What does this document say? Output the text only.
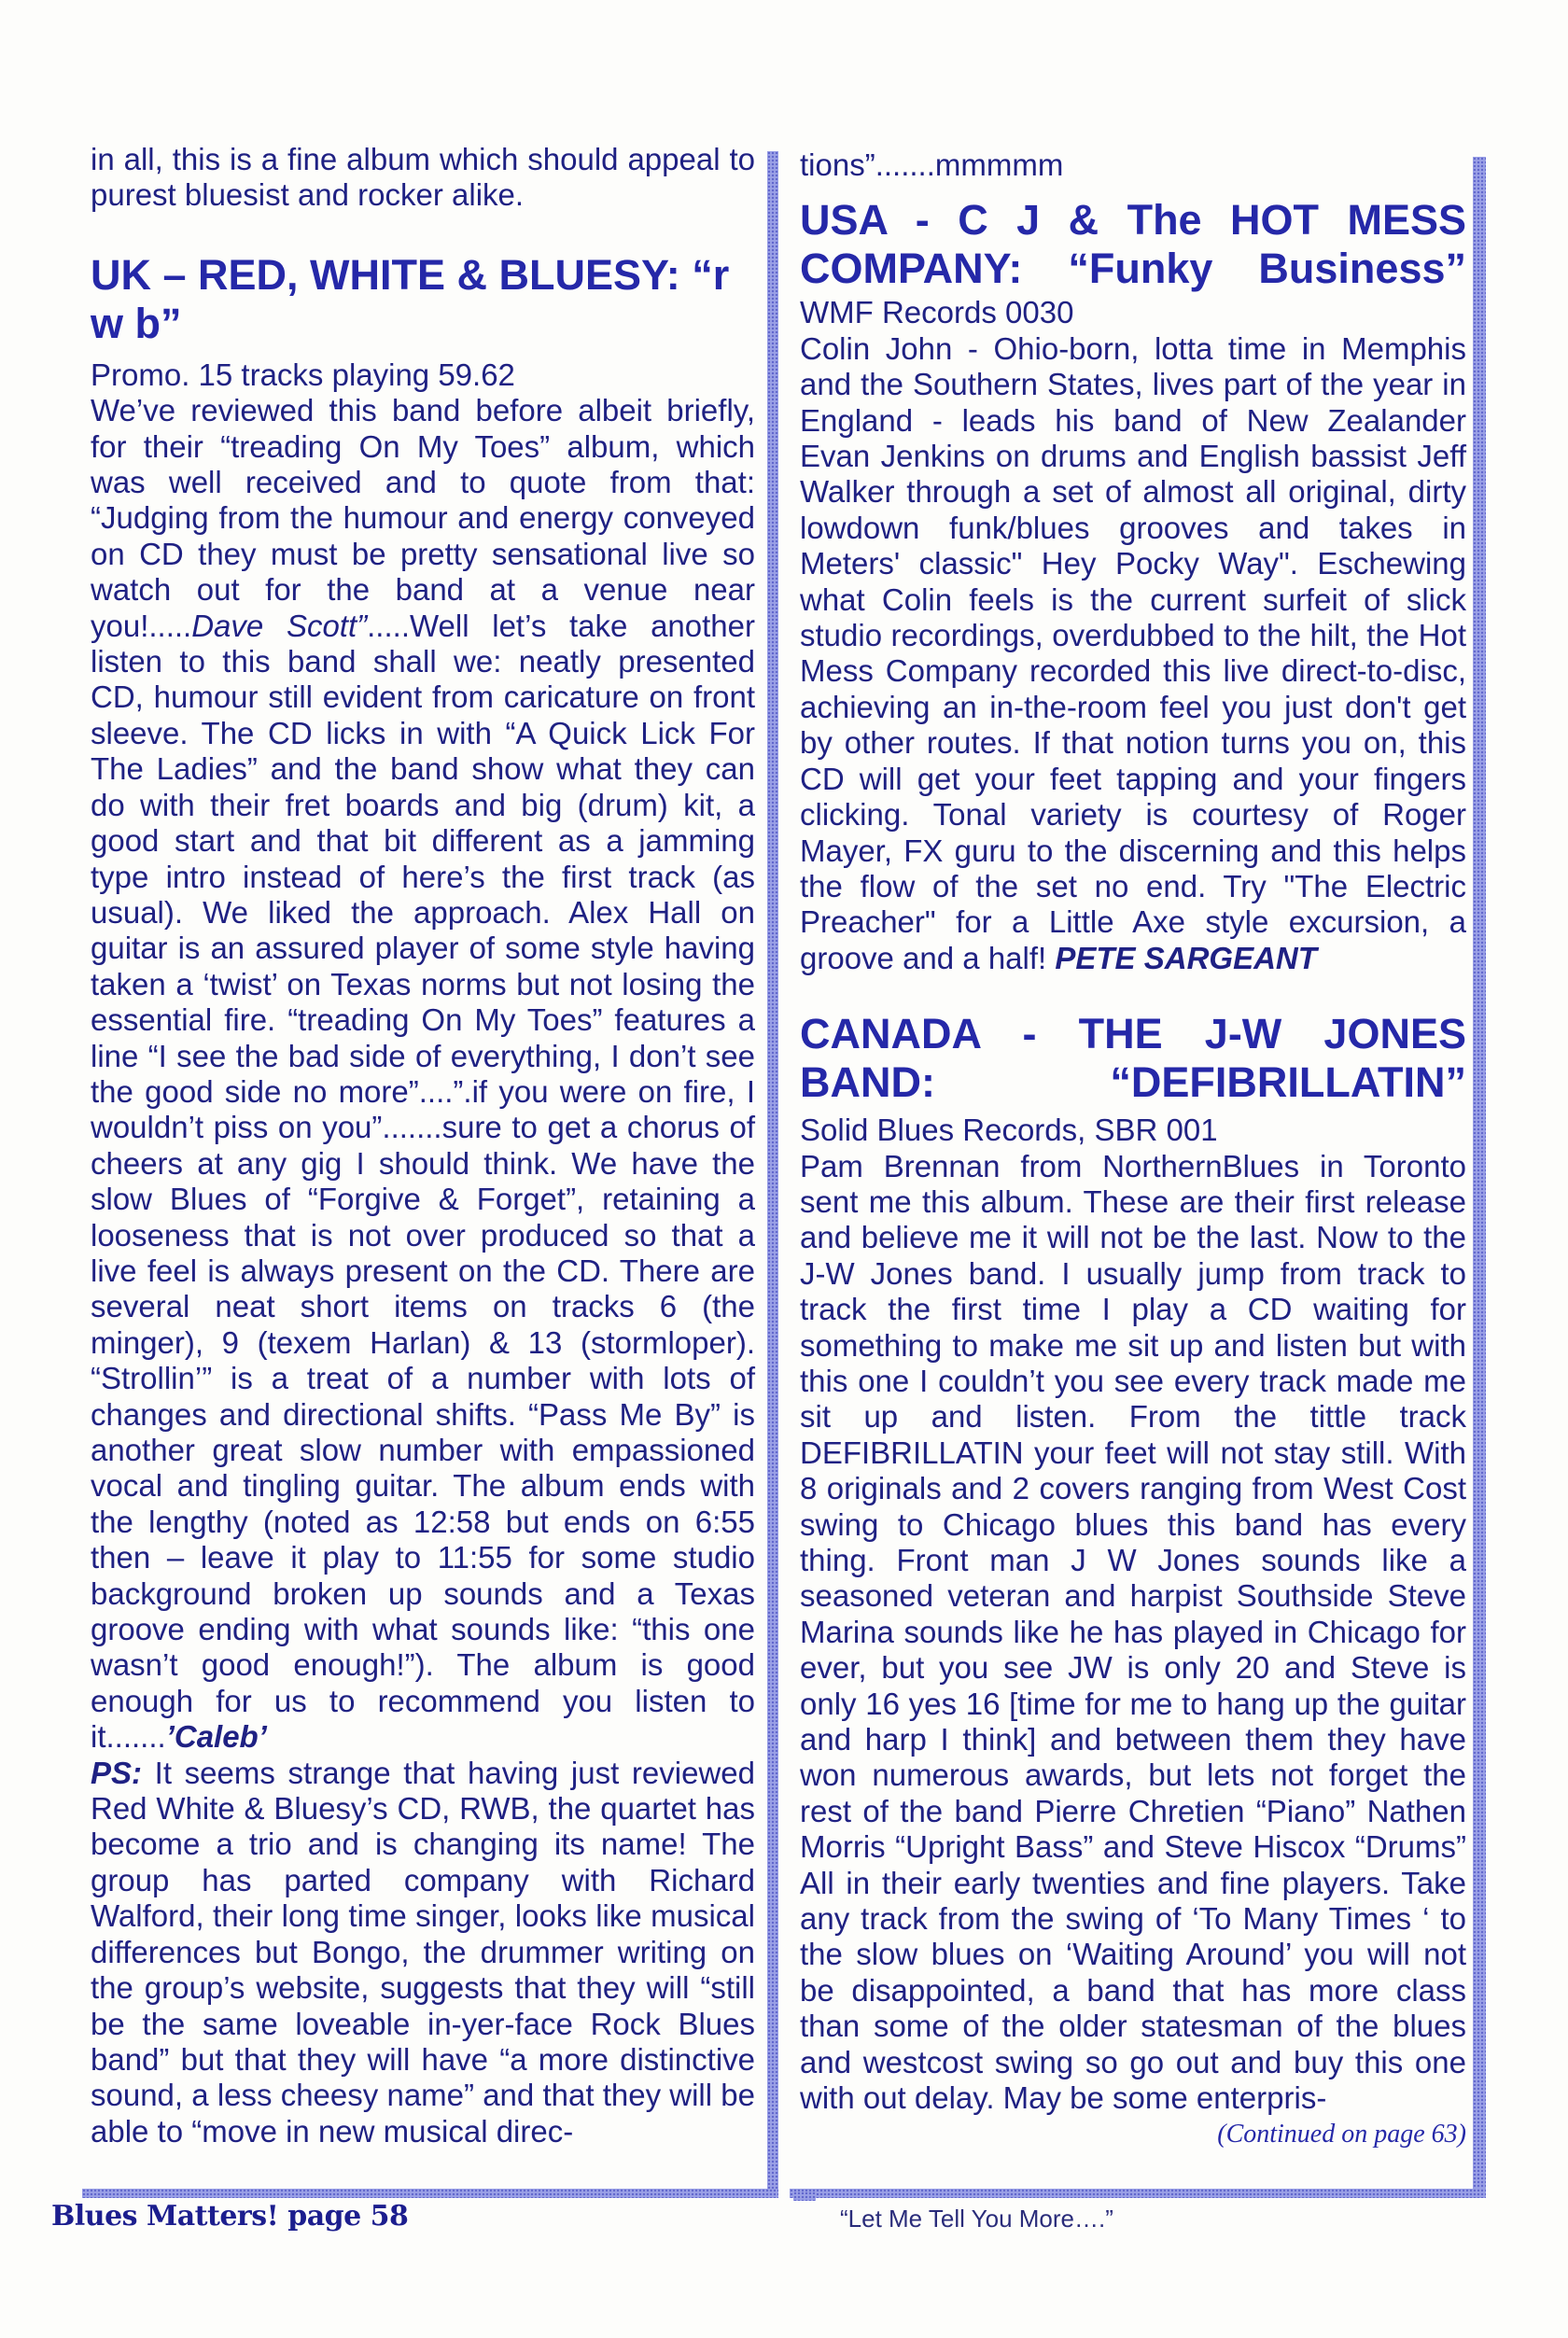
in all, this is a fine album which should appeal to purest bluesist and rocker alike.

UK – RED, WHITE & BLUESY: “r w b”

Promo. 15 tracks playing 59.62

We’ve reviewed this band before albeit briefly, for their “treading On My Toes” album, which was well received and to quote from that: “Judging from the humour and energy conveyed on CD they must be pretty sensational live so watch out for the band at a venue near you!.....Dave Scott”.....Well let’s take another listen to this band shall we: neatly presented CD, humour still evident from caricature on front sleeve. The CD licks in with “A Quick Lick For The Ladies” and the band show what they can do with their fret boards and big (drum) kit, a good start and that bit different as a jamming type intro instead of here’s the first track (as usual). We liked the approach. Alex Hall on guitar is an assured player of some style having taken a ‘twist’ on Texas norms but not losing the essential fire. “treading On My Toes” features a line “I see the bad side of everything, I don’t see the good side no more”....”.if you were on fire, I wouldn’t piss on you”.......sure to get a chorus of cheers at any gig I should think. We have the slow Blues of “Forgive & Forget”, retaining a looseness that is not over produced so that a live feel is always present on the CD. There are several neat short items on tracks 6 (the minger), 9 (texem Harlan) & 13 (stormloper). “Strollin’” is a treat of a number with lots of changes and directional shifts. “Pass Me By” is another great slow number with empassioned vocal and tingling guitar. The album ends with the lengthy (noted as 12:58 but ends on 6:55 then – leave it play to 11:55 for some studio background broken up sounds and a Texas groove ending with what sounds like: “this one wasn’t good enough!”). The album is good enough for us to recommend you listen to it.......’Caleb’

PS: It seems strange that having just reviewed Red White & Bluesy’s CD, RWB, the quartet has become a trio and is changing its name! The group has parted company with Richard Walford, their long time singer, looks like musical differences but Bongo, the drummer writing on the group’s website, suggests that they will “still be the same loveable in-yer-face Rock Blues band” but that they will have “a more distinctive sound, a less cheesy name” and that they will be able to “move in new musical direc-

tions”.......mmmmm

USA - C J & The HOT MESS COMPANY: “Funky Business”

WMF Records 0030

Colin John - Ohio-born, lotta time in Memphis and the Southern States, lives part of the year in England - leads his band of New Zealander Evan Jenkins on drums and English bassist Jeff Walker through a set of almost all original, dirty lowdown funk/blues grooves and takes in Meters' classic" Hey Pocky Way". Eschewing what Colin feels is the current surfeit of slick studio recordings, overdubbed to the hilt, the Hot Mess Company recorded this live direct-to-disc, achieving an in-the-room feel you just don't get by other routes. If that notion turns you on, this CD will get your feet tapping and your fingers clicking. Tonal variety is courtesy of Roger Mayer, FX guru to the discerning and this helps the flow of the set no end. Try "The Electric Preacher" for a Little Axe style excursion, a groove and a half! PETE SARGEANT

CANADA - THE J-W JONES BAND: “DEFIBRILLATIN”

Solid Blues Records, SBR 001

Pam Brennan from NorthernBlues in Toronto sent me this album. These are their first release and believe me it will not be the last. Now to the J-W Jones band. I usually jump from track to track the first time I play a CD waiting for something to make me sit up and listen but with this one I couldn’t you see every track made me sit up and listen. From the tittle track DEFIBRILLATIN your feet will not stay still. With 8 originals and 2 covers ranging from West Cost swing to Chicago blues this band has every thing. Front man J W Jones sounds like a seasoned veteran and harpist Southside Steve Marina sounds like he has played in Chicago for ever, but you see JW is only 20 and Steve is only 16 yes 16 [time for me to hang up the guitar and harp I think] and between them they have won numerous awards, but lets not forget the rest of the band Pierre Chretien “Piano” Nathen Morris “Upright Bass” and Steve Hiscox “Drums” All in their early twenties and fine players. Take any track from the swing of ‘To Many Times ‘ to the slow blues on ‘Waiting Around’ you will not be disappointed, a band that has more class than some of the older statesman of the blues and westcost swing so go out and buy this one with out delay. May be some enterpris-

(Continued on page 63)

Blues Matters! page 58	“Let Me Tell You More….”
